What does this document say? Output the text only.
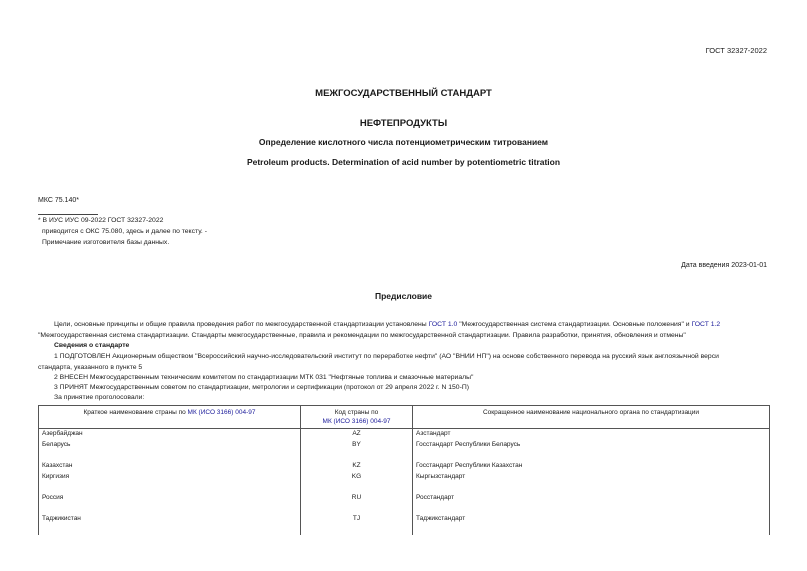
ГОСТ 32327-2022
МЕЖГОСУДАРСТВЕННЫЙ СТАНДАРТ
НЕФТЕПРОДУКТЫ
Определение кислотного числа потенциометрическим титрованием
Petroleum products. Determination of acid number by potentiometric titration
МКС 75.140*
* В ИУС ИУС 09-2022 ГОСТ 32327-2022
приводится с ОКС 75.080, здесь и далее по тексту. -
Примечание изготовителя базы данных.
Дата введения 2023-01-01
Предисловие
Цели, основные принципы и общие правила проведения работ по межгосударственной стандартизации установлены ГОСТ 1.0 "Межгосударственная система стандартизации. Основные положения" и ГОСТ 1.2
"Межгосударственная система стандартизации. Стандарты межгосударственные, правила и рекомендации по межгосударственной стандартизации. Правила разработки, принятия, обновления и отмены"
Сведения о стандарте
1 ПОДГОТОВЛЕН Акционерным обществом "Всероссийский научно-исследовательский институт по переработке нефти" (АО "ВНИИ НП") на основе собственного перевода на русский язык англоязычной верси
стандарта, указанного в пункте 5
2 ВНЕСЕН Межгосударственным техническим комитетом по стандартизации МТК 031 "Нефтяные топлива и смазочные материалы"
3 ПРИНЯТ Межгосударственным советом по стандартизации, метрологии и сертификации (протокол от 29 апреля 2022 г. N 150-П)
За принятие проголосовали:
Краткое наименование страны по МК (ИСО 3166) 004-97	Код страны по
МК (ИСО 3166) 004-97	Сокращенное наименование национального органа по стандартизации
Азербайджан	AZ	Азстандарт
Беларусь	BY	Госстандарт Республики Беларусь

Казахстан	KZ	Госстандарт Республики Казахстан
Киргизия	KG	Кыргызстандарт

Россия	RU	Росстандарт

Таджикистан	TJ	Таджикстандарт
